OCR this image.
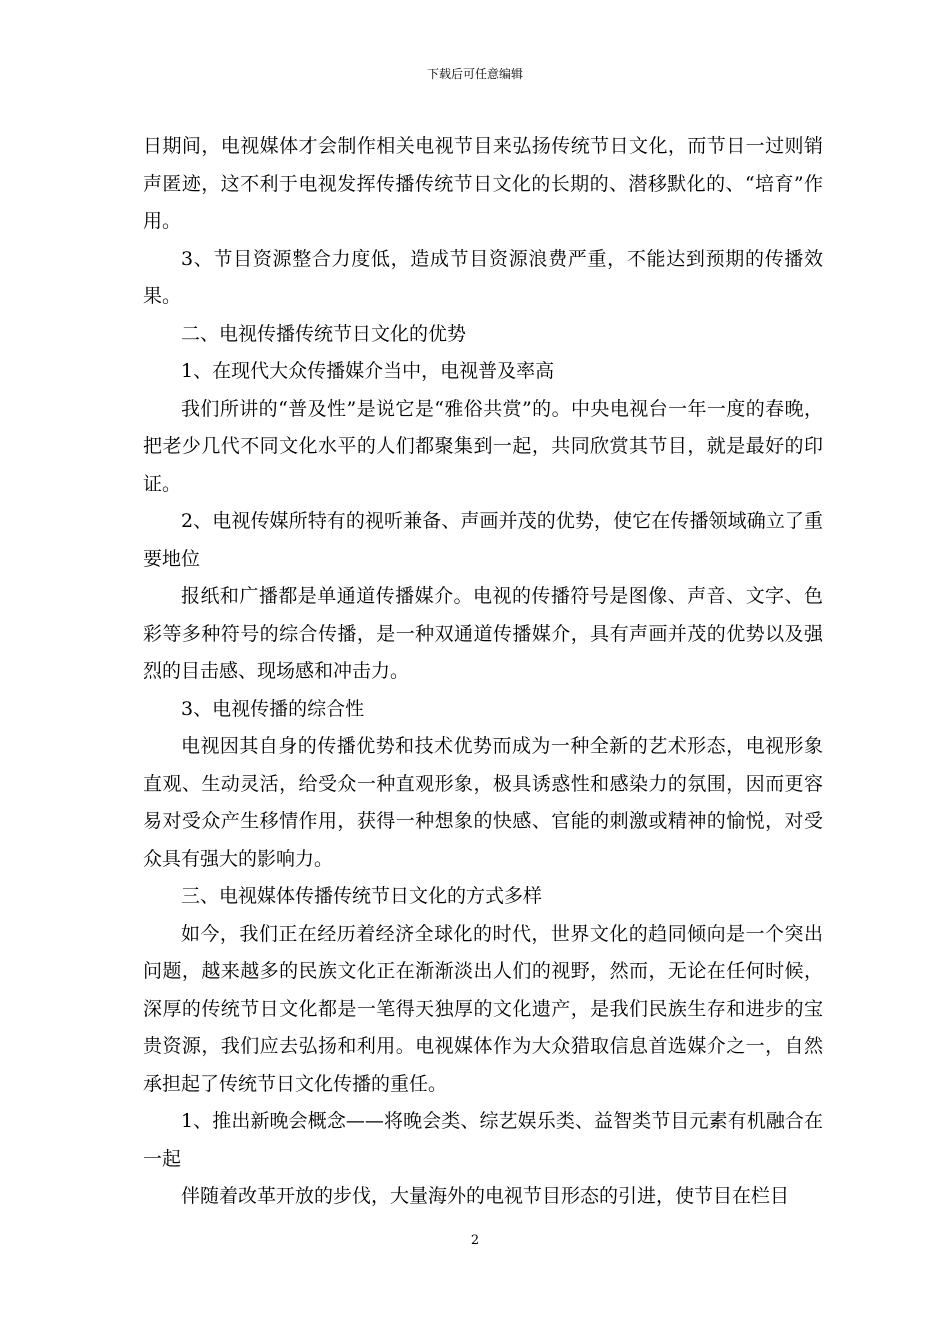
下载后可任意编辑

日期间，电视媒体才会制作相关电视节目来弘扬传统节日文化，而节日一过则销声匿迹，这不利于电视发挥传播传统节日文化的长期的、潜移默化的、“培育”作用。

3、节目资源整合力度低，造成节目资源浪费严重，不能达到预期的传播效果。

二、电视传播传统节日文化的优势

1、在现代大众传播媒介当中，电视普及率高

我们所讲的“普及性”是说它是“雅俗共赏”的。中央电视台一年一度的春晚，把老少几代不同文化水平的人们都聚集到一起，共同欣赏其节目，就是最好的印证。

2、电视传媒所特有的视听兼备、声画并茂的优势，使它在传播领域确立了重要地位

报纸和广播都是单通道传播媒介。电视的传播符号是图像、声音、文字、色彩等多种符号的综合传播，是一种双通道传播媒介，具有声画并茂的优势以及强烈的目击感、现场感和冲击力。

3、电视传播的综合性

电视因其自身的传播优势和技术优势而成为一种全新的艺术形态，电视形象直观、生动灵活，给受众一种直观形象，极具诱惑性和感染力的氛围，因而更容易对受众产生移情作用，获得一种想象的快感、官能的刺激或精神的愉悦，对受众具有强大的影响力。

三、电视媒体传播传统节日文化的方式多样

如今，我们正在经历着经济全球化的时代，世界文化的趋同倾向是一个突出问题，越来越多的民族文化正在渐渐淡出人们的视野，然而，无论在任何时候，深厚的传统节日文化都是一笔得天独厚的文化遗产，是我们民族生存和进步的宝贵资源，我们应去弘扬和利用。电视媒体作为大众猎取信息首选媒介之一，自然承担起了传统节日文化传播的重任。

1、推出新晚会概念——将晚会类、综艺娱乐类、益智类节目元素有机融合在一起

伴随着改革开放的步伐，大量海外的电视节目形态的引进，使节目在栏目

2
